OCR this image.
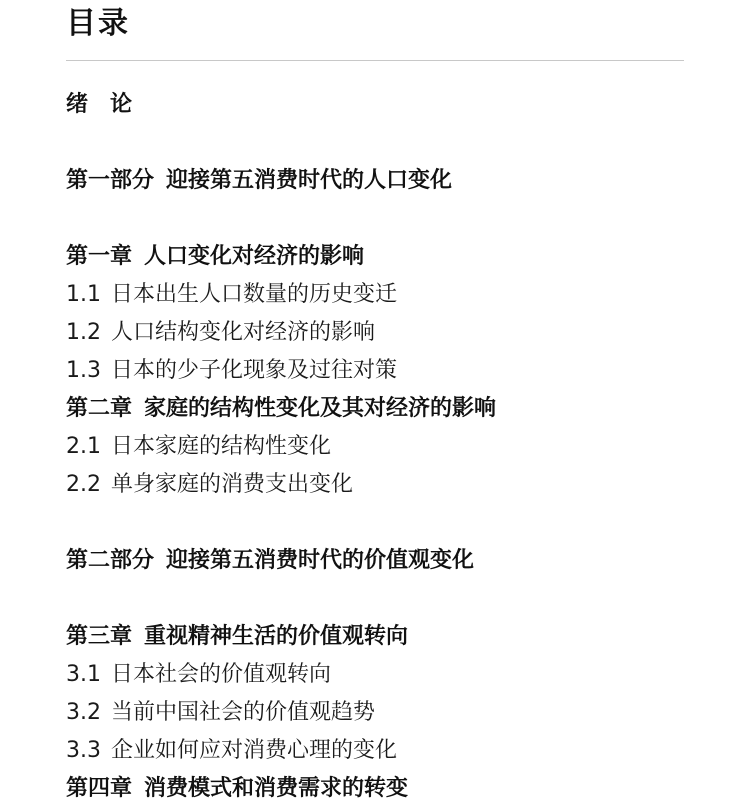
目录
绪　论
第一部分 迎接第五消费时代的人口变化
第一章 人口变化对经济的影响
1.1 日本出生人口数量的历史变迁
1.2 人口结构变化对经济的影响
1.3 日本的少子化现象及过往对策
第二章 家庭的结构性变化及其对经济的影响
2.1 日本家庭的结构性变化
2.2 单身家庭的消费支出变化
第二部分 迎接第五消费时代的价值观变化
第三章 重视精神生活的价值观转向
3.1 日本社会的价值观转向
3.2 当前中国社会的价值观趋势
3.3 企业如何应对消费心理的变化
第四章 消费模式和消费需求的转变
